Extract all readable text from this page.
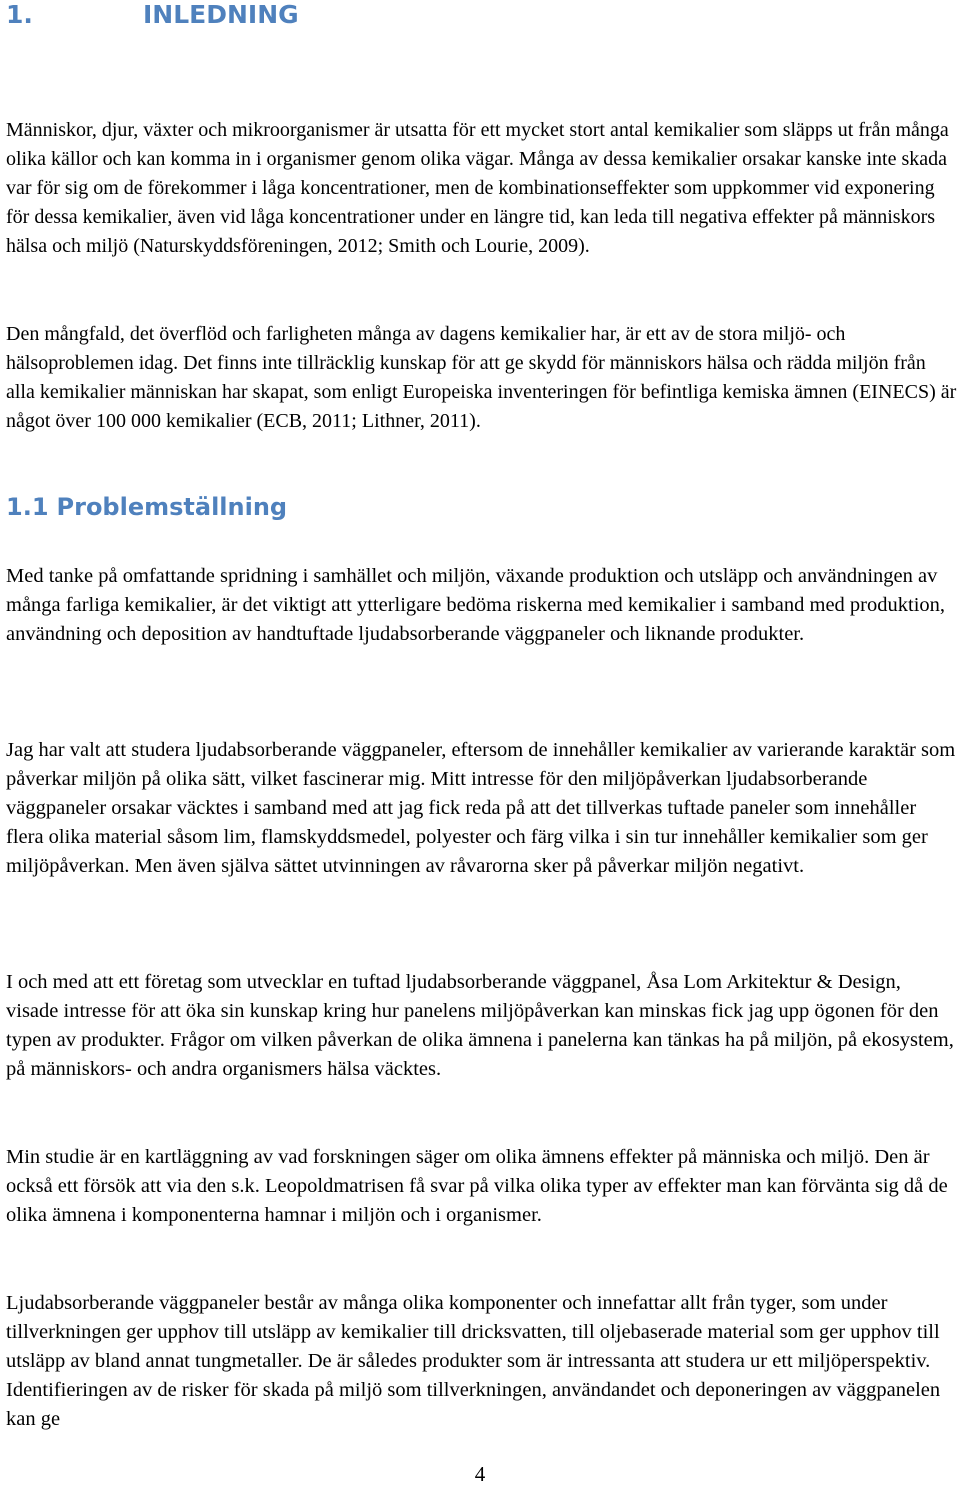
1.	INLEDNING

Människor, djur, växter och mikroorganismer är utsatta för ett mycket stort antal kemikalier som släpps ut från många olika källor och kan komma in i organismer genom olika vägar. Många av dessa kemikalier orsakar kanske inte skada var för sig om de förekommer i låga koncentrationer, men de kombinationseffekter som uppkommer vid exponering för dessa kemikalier, även vid låga koncentrationer under en längre tid, kan leda till negativa effekter på människors hälsa och miljö (Naturskyddsföreningen, 2012; Smith och Lourie, 2009).

Den mångfald, det överflöd och farligheten många av dagens kemikalier har, är ett av de stora miljö- och hälsoproblemen idag. Det finns inte tillräcklig kunskap för att ge skydd för människors hälsa och rädda miljön från alla kemikalier människan har skapat, som enligt Europeiska inventeringen för befintliga kemiska ämnen (EINECS) är något över 100 000 kemikalier (ECB, 2011; Lithner, 2011).

1.1 Problemställning

Med tanke på omfattande spridning i samhället och miljön, växande produktion och utsläpp och användningen av många farliga kemikalier, är det viktigt att ytterligare bedöma riskerna med kemikalier i samband med produktion, användning och deposition av handtuftade ljudabsorberande väggpaneler och liknande produkter.

Jag har valt att studera ljudabsorberande väggpaneler, eftersom de innehåller kemikalier av varierande karaktär som påverkar miljön på olika sätt, vilket fascinerar mig. Mitt intresse för den miljöpåverkan ljudabsorberande väggpaneler orsakar väcktes i samband med att jag fick reda på att det tillverkas tuftade paneler som innehåller flera olika material såsom lim, flamskyddsmedel, polyester och färg vilka i sin tur innehåller kemikalier som ger miljöpåverkan. Men även själva sättet utvinningen av råvarorna sker på påverkar miljön negativt.

I och med att ett företag som utvecklar en tuftad ljudabsorberande väggpanel, Åsa Lom Arkitektur & Design, visade intresse för att öka sin kunskap kring hur panelens miljöpåverkan kan minskas fick jag upp ögonen för den typen av produkter. Frågor om vilken påverkan de olika ämnena i panelerna kan tänkas ha på miljön, på ekosystem, på människors- och andra organismers hälsa väcktes.

Min studie är en kartläggning av vad forskningen säger om olika ämnens effekter på människa och miljö. Den är också ett försök att via den s.k. Leopoldmatrisen få svar på vilka olika typer av effekter man kan förvänta sig då de olika ämnena i komponenterna hamnar i miljön och i organismer.

Ljudabsorberande väggpaneler består av många olika komponenter och innefattar allt från tyger, som under tillverkningen ger upphov till utsläpp av kemikalier till dricksvatten, till oljebaserade material som ger upphov till utsläpp av bland annat tungmetaller. De är således produkter som är intressanta att studera ur ett miljöperspektiv. Identifieringen av de risker för skada på miljö som tillverkningen, användandet och deponeringen av väggpanelen kan ge

4
